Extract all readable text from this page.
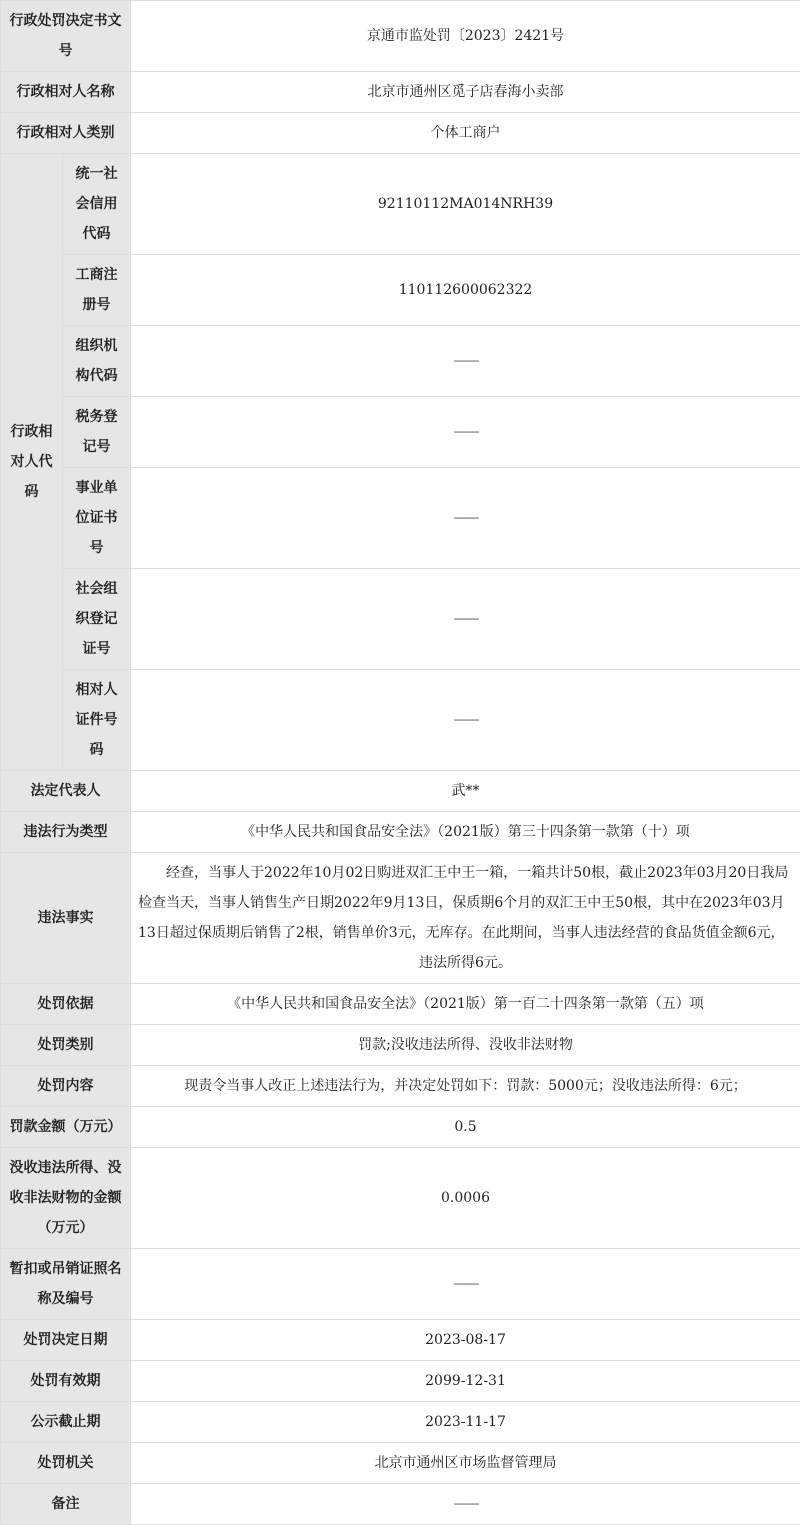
行政处罚决定书文号		京通市监处罚〔2023〕2421号
行政相对人名称		北京市通州区觅子店春海小卖部
行政相对人类别		个体工商户
行政相对人代码	统一社会信用代码	92110112MA014NRH39
	工商注册号	110112600062322
	组织机构代码	——
	税务登记号	——
	事业单位证书号	——
	社会组织登记证号	——
	相对人证件号码	——
法定代表人		武**
违法行为类型		《中华人民共和国食品安全法》（2021版）第三十四条第一款第（十）项
违法事实		经查，当事人于2022年10月02日购进双汇王中王一箱，一箱共计50根，截止2023年03月20日我局检查当天，当事人销售生产日期2022年9月13日，保质期6个月的双汇王中王50根，其中在2023年03月13日超过保质期后销售了2根，销售单价3元，无库存。在此期间，当事人违法经营的食品货值金额6元，违法所得6元。
处罚依据		《中华人民共和国食品安全法》（2021版）第一百二十四条第一款第（五）项
处罚类别		罚款;没收违法所得、没收非法财物
处罚内容		现责令当事人改正上述违法行为，并决定处罚如下：罚款：5000元；没收违法所得：6元；
罚款金额（万元）		0.5
没收违法所得、没收非法财物的金额（万元）		0.0006
暂扣或吊销证照名称及编号		——
处罚决定日期		2023-08-17
处罚有效期		2099-12-31
公示截止期		2023-11-17
处罚机关		北京市通州区市场监督管理局
备注		——
